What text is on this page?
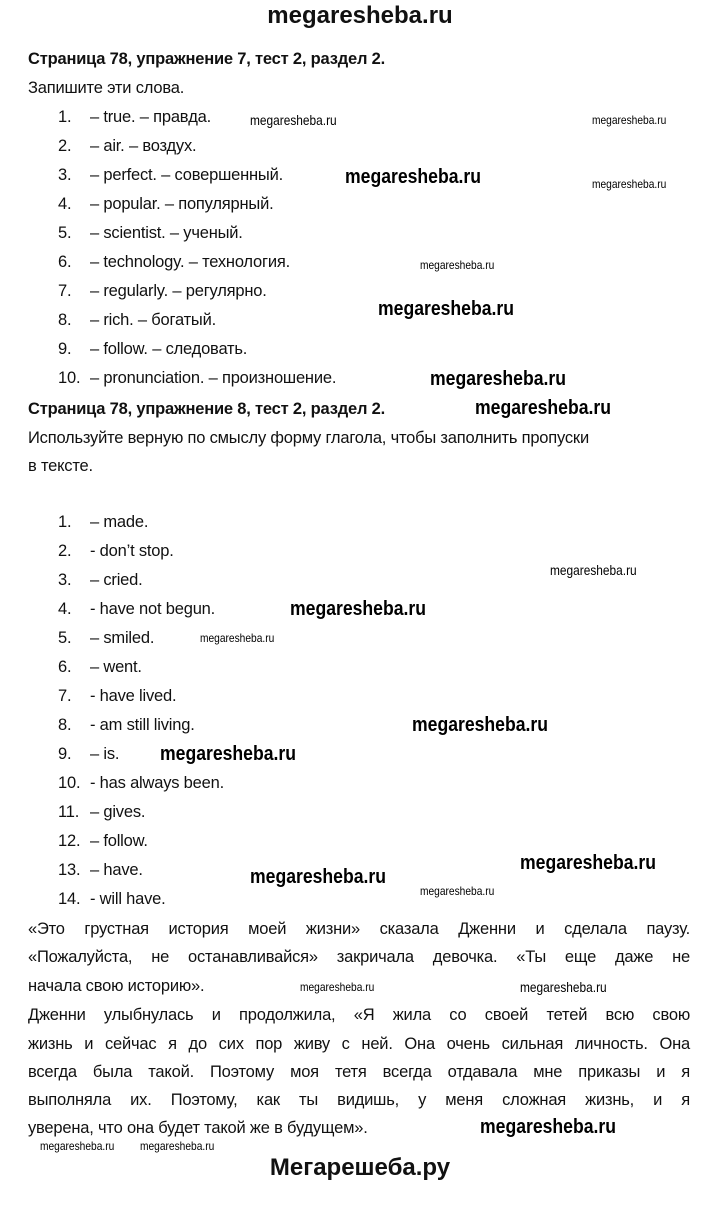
megaresheba.ru
Страница 78, упражнение 7, тест 2, раздел 2.
Запишите эти слова.
1. – true. – правда.
2. – air. – воздух.
3. – perfect. – совершенный.
4. – popular. – популярный.
5. – scientist. – ученый.
6. – technology. – технология.
7. – regularly. – регулярно.
8. – rich. – богатый.
9. – follow. – следовать.
10. – pronunciation. – произношение.
Страница 78, упражнение 8, тест 2, раздел 2.
Используйте верную по смыслу форму глагола, чтобы заполнить пропуски
в тексте.
1. – made.
2. - don’t stop.
3. – cried.
4. - have not begun.
5. – smiled.
6. – went.
7. - have lived.
8. - am still living.
9. – is.
10. - has always been.
11. – gives.
12. – follow.
13. – have.
14. - will have.
«Это грустная история моей жизни» сказала Дженни и сделала паузу.
«Пожалуйста, не останавливайся» закричала девочка. «Ты еще даже не
начала свою историю».
Дженни улыбнулась и продолжила, «Я жила со своей тетей всю свою
жизнь и сейчас я до сих пор живу с ней. Она очень сильная личность. Она
всегда была такой. Поэтому моя тетя всегда отдавала мне приказы и я
выполняла их. Поэтому, как ты видишь, у меня сложная жизнь, и я
уверена, что она будет такой же в будущем».
megaresheba.ru
megaresheba.ru
megaresheba.ru
megaresheba.ru
megaresheba.ru
megaresheba.ru
megaresheba.ru
megaresheba.ru
megaresheba.ru
megaresheba.ru
megaresheba.ru	megaresheba.ru
megaresheba.ru
megaresheba.ru
megaresheba.ru
megaresheba.ru
megaresheba.ru
megaresheba.ru	megaresheba.ru
megaresheba.ru megaresheba.ru
Мегарешеба.ру
